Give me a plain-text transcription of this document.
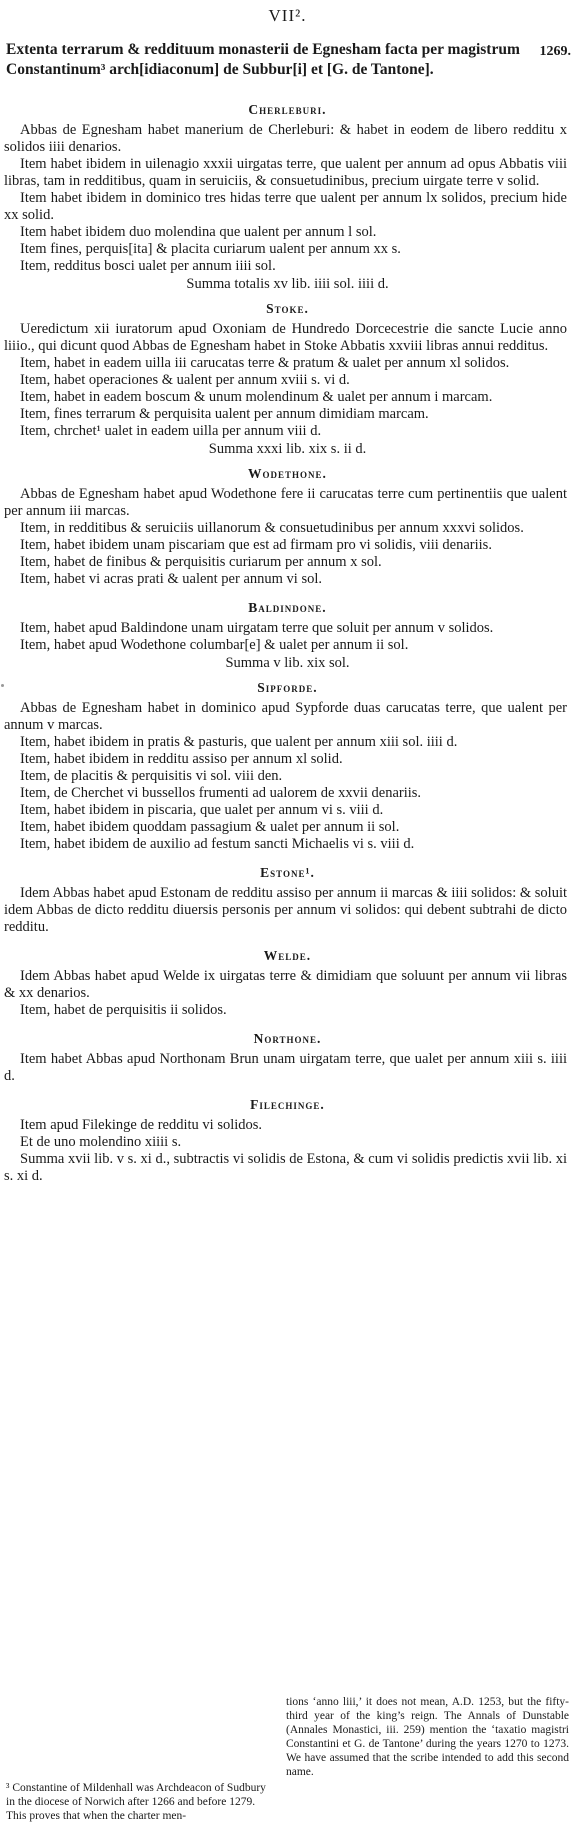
VII².
1269.

Extenta terrarum & reddituum monasterii de Egnesham facta per magistrum Constantinum³ arch[idiaconum] de Subbur[i] et [G. de Tantone].

Cherleburi.

Abbas de Egnesham habet manerium de Cherleburi: & habet in eodem de libero redditu x solidos iiii denarios.

Item habet ibidem in uilenagio xxxii uirgatas terre, que ualent per annum ad opus Abbatis viii libras, tam in redditibus, quam in seruiciis, & consuetudinibus, precium uirgate terre v solid.

Item habet ibidem in dominico tres hidas terre que ualent per annum lx solidos, precium hide xx solid.

Item habet ibidem duo molendina que ualent per annum l sol.

Item fines, perquis[ita] & placita curiarum ualent per annum xx s.

Item, redditus bosci ualet per annum iiii sol.

Summa totalis xv lib. iiii sol. iiii d.
Stoke.

Ueredictum xii iuratorum apud Oxoniam de Hundredo Dorcecestrie die sancte Lucie anno liiio., qui dicunt quod Abbas de Egnesham habet in Stoke Abbatis xxviii libras annui redditus.

Item, habet in eadem uilla iii carucatas terre & pratum & ualet per annum xl solidos.

Item, habet operaciones & ualent per annum xviii s. vi d.

Item, habet in eadem boscum & unum molendinum & ualet per annum i marcam.

Item, fines terrarum & perquisita ualent per annum dimidiam marcam.

Item, chrchet¹ ualet in eadem uilla per annum viii d.

Summa xxxi lib. xix s. ii d.
Wodethone.

Abbas de Egnesham habet apud Wodethone fere ii carucatas terre cum pertinentiis que ualent per annum iii marcas.

Item, in redditibus & seruiciis uillanorum & consuetudinibus per annum xxxvi solidos.

Item, habet ibidem unam piscariam que est ad firmam pro vi solidis, viii denariis.

Item, habet de finibus & perquisitis curiarum per annum x sol.

Item, habet vi acras prati & ualent per annum vi sol.

Baldindone.

Item, habet apud Baldindone unam uirgatam terre que soluit per annum v solidos.

Item, habet apud Wodethone columbar[e] & ualet per annum ii sol.

Summa v lib. xix sol.
Sipforde.

Abbas de Egnesham habet in dominico apud Sypforde duas carucatas terre, que ualent per annum v marcas.

Item, habet ibidem in pratis & pasturis, que ualent per annum xiii sol. iiii d.

Item, habet ibidem in redditu assiso per annum xl solid.

Item, de placitis & perquisitis vi sol. viii den.

Item, de Cherchet vi bussellos frumenti ad ualorem de xxvii denariis.

Item, habet ibidem in piscaria, que ualet per annum vi s. viii d.

Item, habet ibidem quoddam passagium & ualet per annum ii sol.

Item, habet ibidem de auxilio ad festum sancti Michaelis vi s. viii d.

Estone¹.

Idem Abbas habet apud Estonam de redditu assiso per annum ii marcas & iiii solidos: & soluit idem Abbas de dicto redditu diuersis personis per annum vi solidos: qui debent subtrahi de dicto redditu.

Welde.

Idem Abbas habet apud Welde ix uirgatas terre & dimidiam que soluunt per annum vii libras & xx denarios.

Item, habet de perquisitis ii solidos.

Northone.

Item habet Abbas apud Northonam Brun unam uirgatam terre, que ualet per annum xiii s. iiii d.

Filechinge.

Item apud Filekinge de redditu vi solidos.

Et de uno molendino xiiii s.

Summa xvii lib. v s. xi d., subtractis vi solidis de Estona, & cum vi solidis predictis xvii lib. xi s. xi d.

tions ‘anno liii,’ it does not mean, A.D. 1253, but the fifty-third year of the king’s reign. The Annals of Dunstable (Annales Monastici, iii. 259) mention the ‘taxatio magistri Constantini et G. de Tantone’ during the years 1270 to 1273. We have assumed that the scribe intended to add this second name.
³ Constantine of Mildenhall was Archdeacon of Sudbury in the diocese of Norwich after 1266 and before 1279. This proves that when the charter men-
